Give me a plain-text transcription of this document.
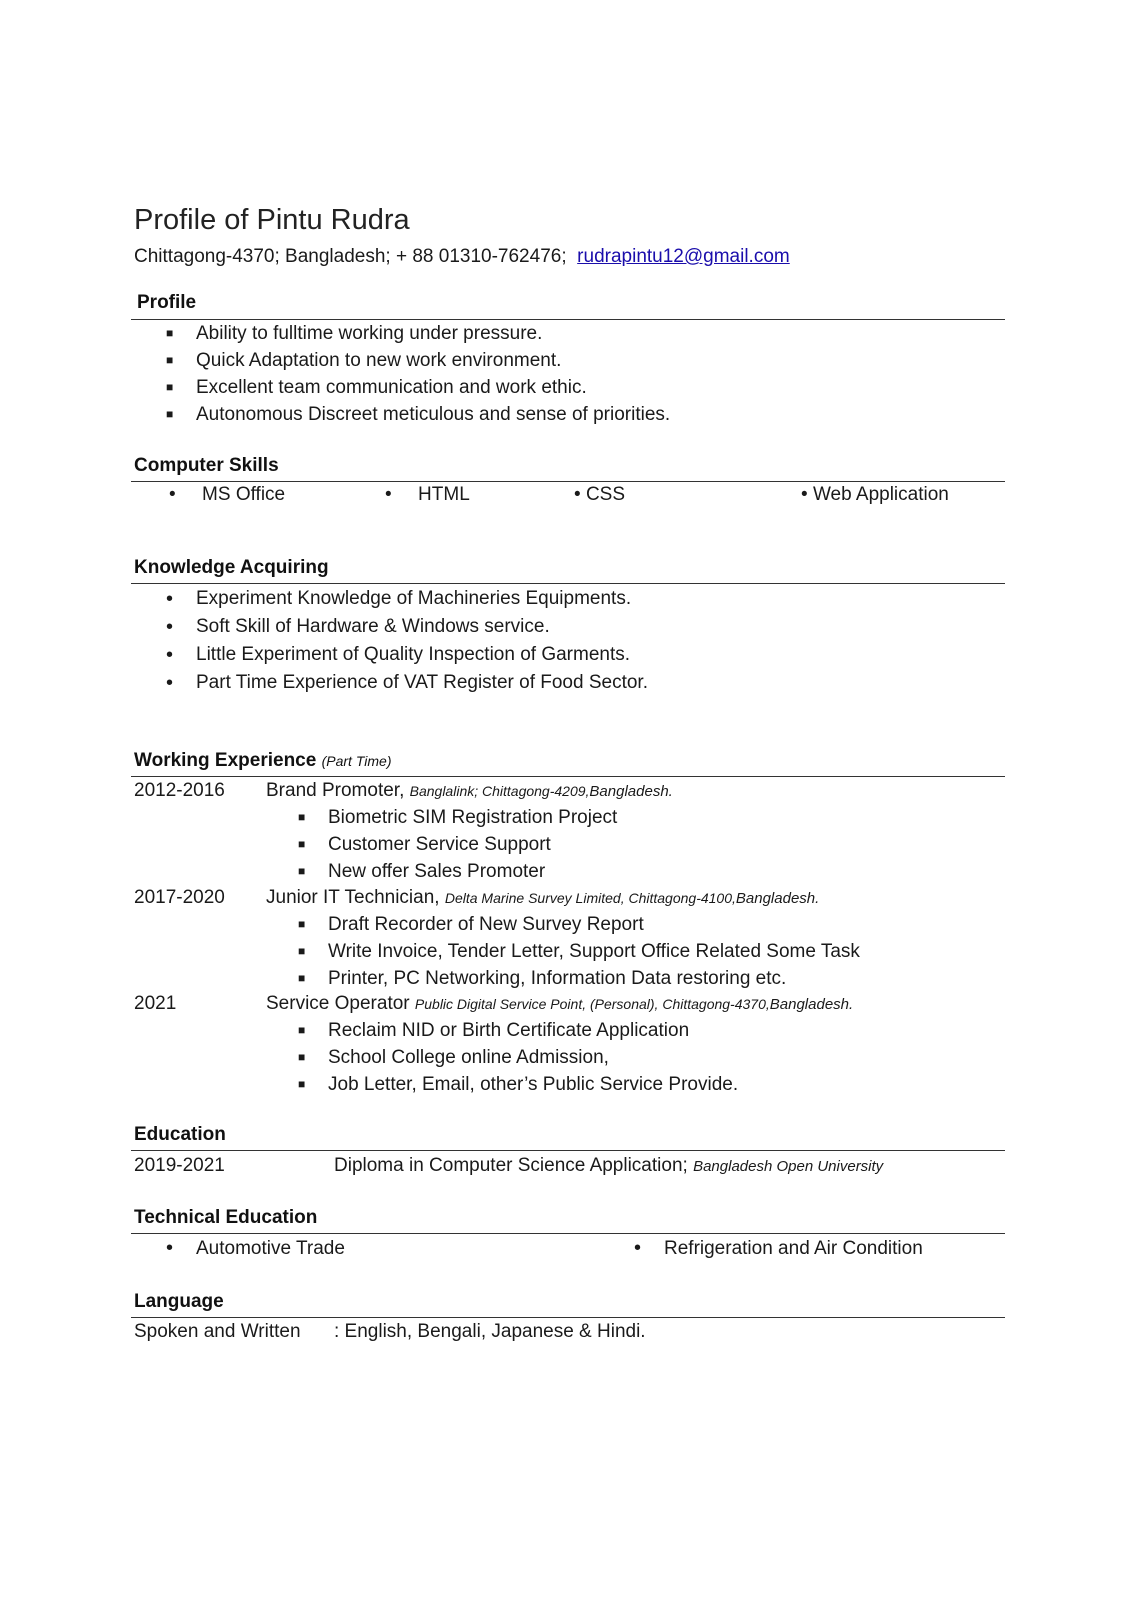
Profile of Pintu Rudra
Chittagong-4370; Bangladesh; + 88 01310-762476; rudrapintu12@gmail.com
Profile
■	Ability to fulltime working under pressure.
■	Quick Adaptation to new work environment.
■	Excellent team communication and work ethic.
■	Autonomous Discreet meticulous and sense of priorities.
Computer Skills
•     MS Office	•     HTML	• CSS	• Web Application
Knowledge Acquiring
•	Experiment Knowledge of Machineries Equipments.
•	Soft Skill of Hardware & Windows service.
•	Little Experiment of Quality Inspection of Garments.
•	Part Time Experience of VAT Register of Food Sector.
Working Experience (Part Time)
2012-2016 Brand Promoter, Banglalink; Chittagong-4209,Bangladesh.
■	Biometric SIM Registration Project
■	Customer Service Support
■	New offer Sales Promoter
2017-2020 Junior IT Technician, Delta Marine Survey Limited, Chittagong-4100,Bangladesh.
■	Draft Recorder of New Survey Report
■	Write Invoice, Tender Letter, Support Office Related Some Task
■	Printer, PC Networking, Information Data restoring etc.
2021	Service Operator Public Digital Service Point, (Personal), Chittagong-4370,Bangladesh.
■	Reclaim NID or Birth Certificate Application
■	School College online Admission,
■	Job Letter, Email, other’s Public Service Provide.
Education
2019-2021	Diploma in Computer Science Application; Bangladesh Open University
Technical Education
•	Automotive Trade	•	Refrigeration and Air Condition
Language
Spoken and Written : English, Bengali, Japanese & Hindi.
